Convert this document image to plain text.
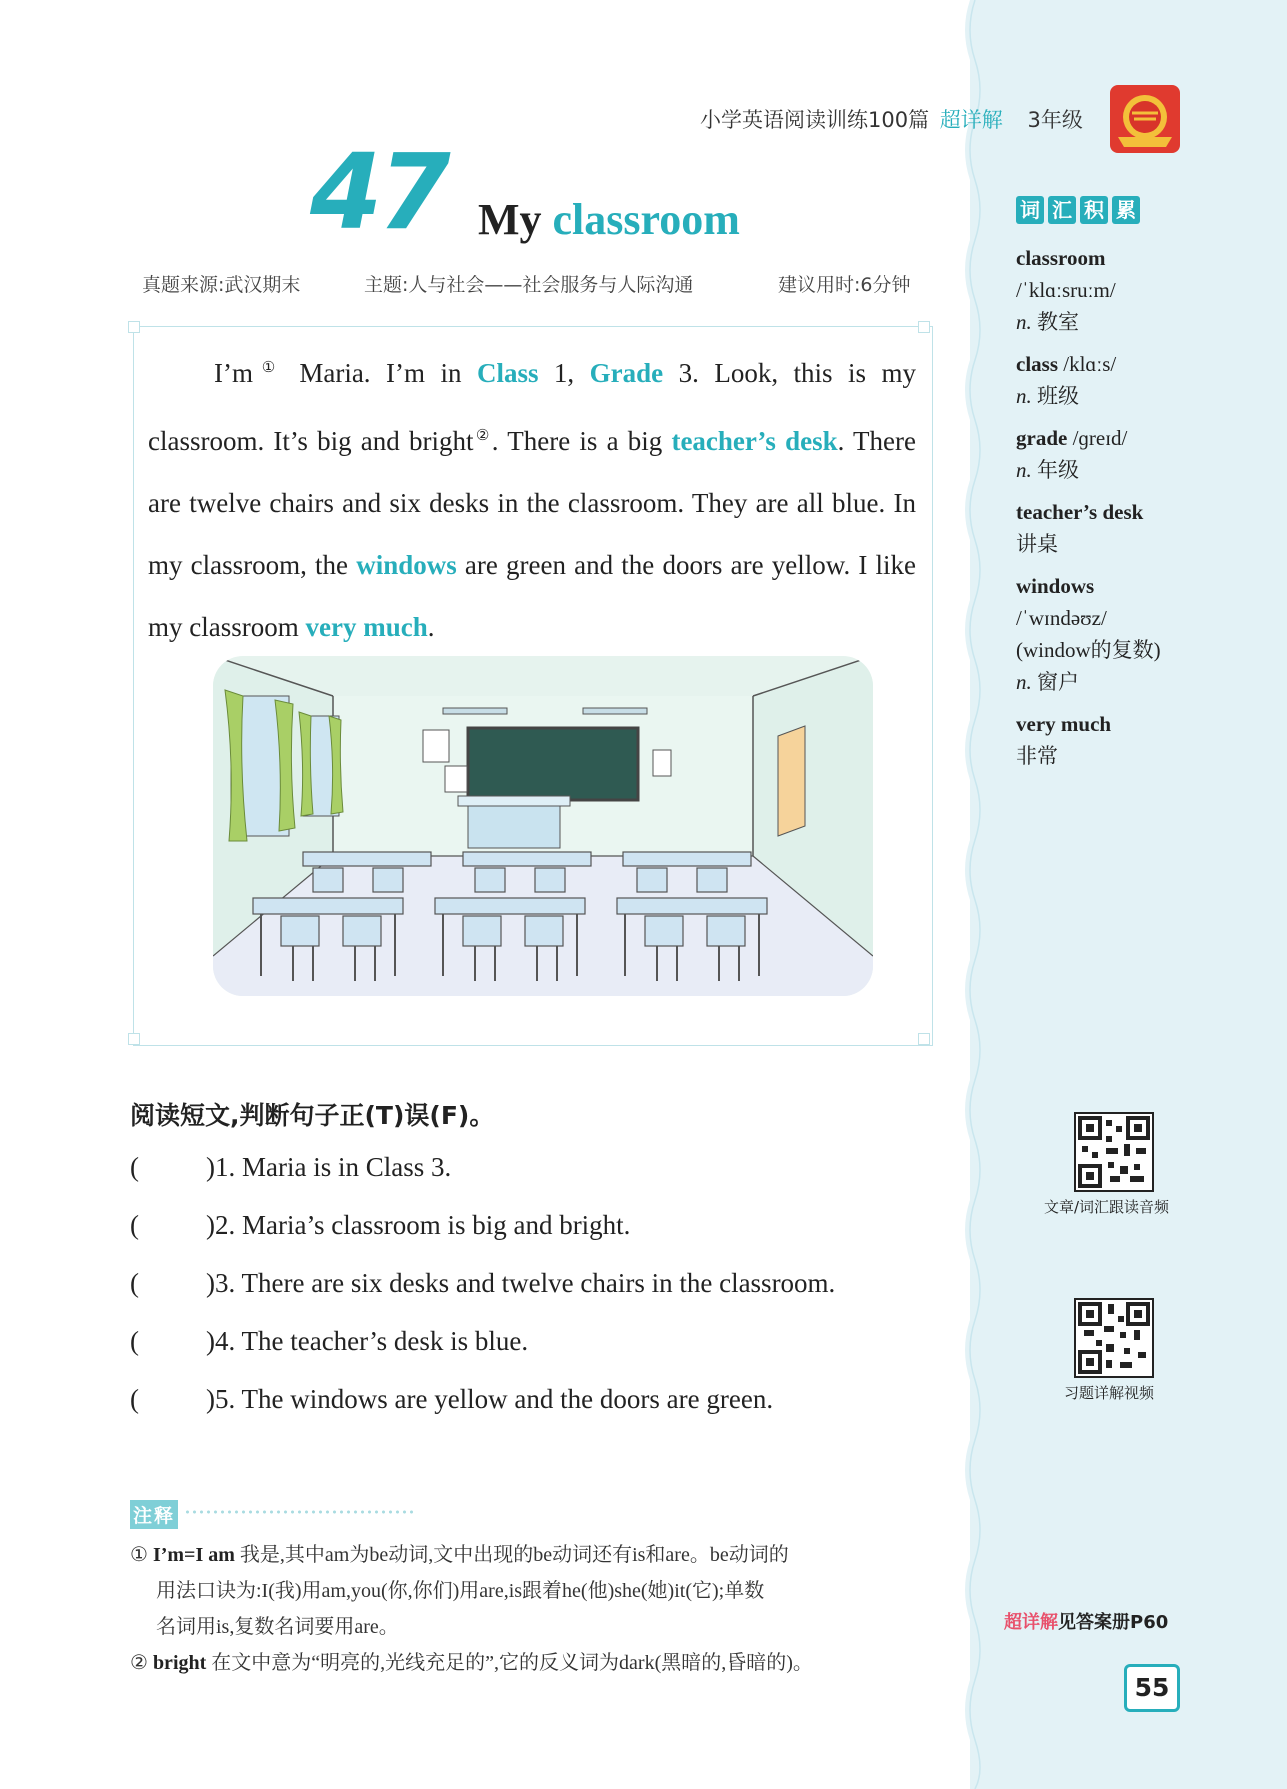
小学英语阅读训练100篇 超详解 3年级
47 My classroom
真题来源:武汉期末	主题:人与社会——社会服务与人际沟通	建议用时:6分钟

I’m① Maria. I’m in Class 1, Grade 3. Look, this is my classroom. It’s big and bright②. There is a big teacher’s desk. There are twelve chairs and six desks in the classroom. They are all blue. In my classroom, the windows are green and the doors are yellow. I like my classroom very much.

阅读短文,判断句子正(T)误(F)。
( )1. Maria is in Class 3.
( )2. Maria’s classroom is big and bright.
( )3. There are six desks and twelve chairs in the classroom.
( )4. The teacher’s desk is blue.
( )5. The windows are yellow and the doors are green.
注释
① I’m=I am 我是,其中am为be动词,文中出现的be动词还有is和are。be动词的
用法口诀为:I(我)用am,you(你,你们)用are,is跟着he(他)she(她)it(它);单数
名词用is,复数名词要用are。
② bright 在文中意为“明亮的,光线充足的”,它的反义词为dark(黑暗的,昏暗的)。
词 汇 积 累
classroom
/ˈklɑːsruːm/
n. 教室
class /klɑːs/
n. 班级
grade /ɡreɪd/
n. 年级
teacher’s desk
讲桌
windows
/ˈwɪndəʊz/
(window的复数)
n. 窗户
very much
非常
文章/词汇跟读音频
习题详解视频
超详解见答案册P60
55
